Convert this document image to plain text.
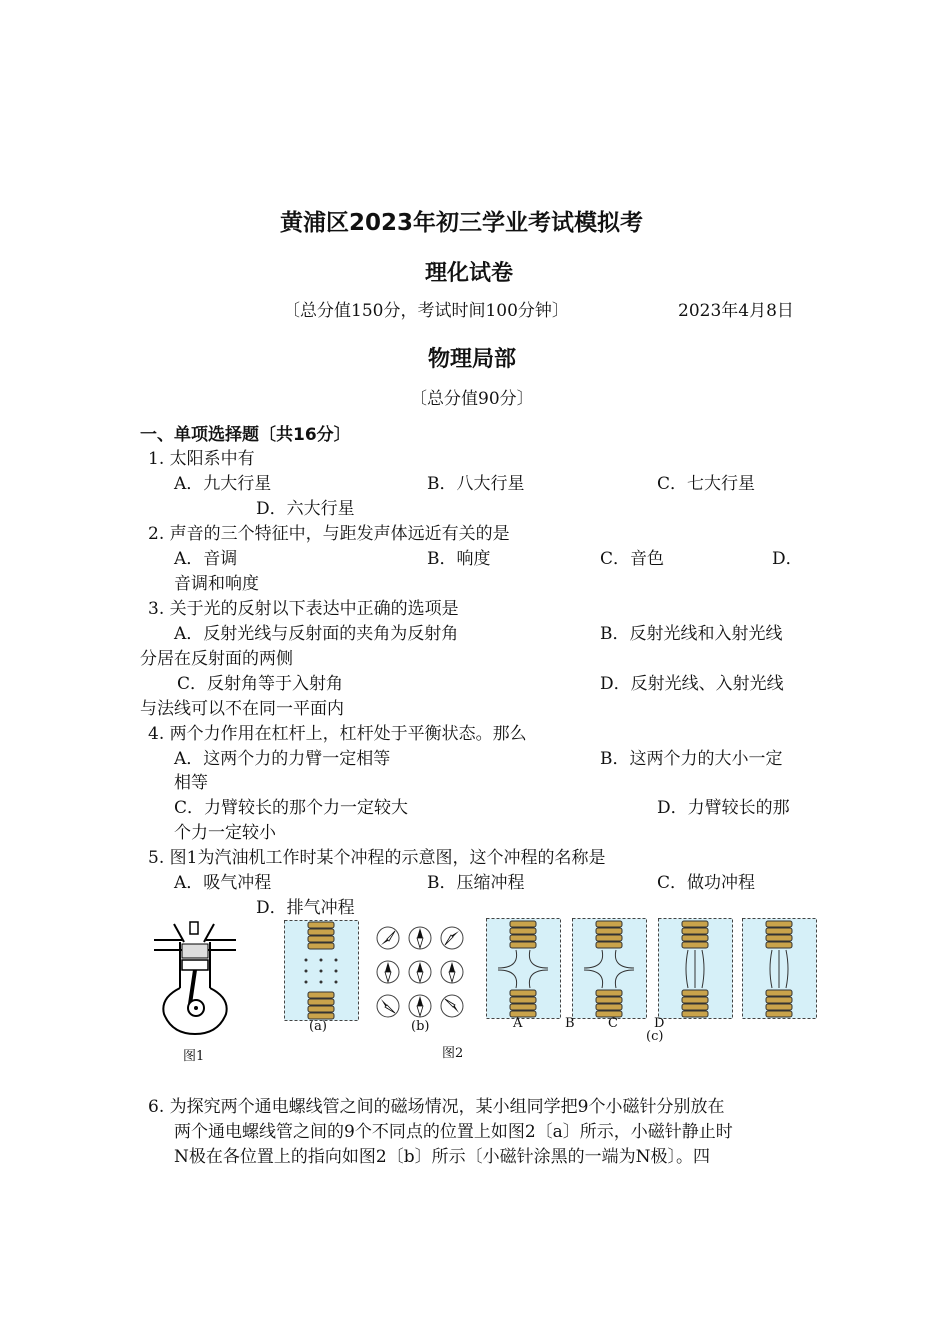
黄浦区2023年初三学业考试模拟考
理化试卷
〔总分值150分，考试时间100分钟〕	2023年4月8日
物理局部
〔总分值90分〕
一、单项选择题〔共16分〕
1. 太阳系中有
A．九大行星	B．八大行星	C．七大行星
D．六大行星
2. 声音的三个特征中，与距发声体远近有关的是
A．音调	B．响度	C．音色	D．
音调和响度
3. 关于光的反射以下表达中正确的选项是
A．反射光线与反射面的夹角为反射角	B．反射光线和入射光线
分居在反射面的两侧
C．反射角等于入射角	D．反射光线、入射光线
与法线可以不在同一平面内
4. 两个力作用在杠杆上，杠杆处于平衡状态。那么
A．这两个力的力臂一定相等	B．这两个力的大小一定
相等
C．力臂较长的那个力一定较大	D．力臂较长的那
个力一定较小
5. 图1为汽油机工作时某个冲程的示意图，这个冲程的名称是
A．吸气冲程	B．压缩冲程	C．做功冲程
D．排气冲程
图1
(a)	(b)	A	B	C	D
(c)
图2
6. 为探究两个通电螺线管之间的磁场情况，某小组同学把9个小磁针分别放在
两个通电螺线管之间的9个不同点的位置上如图2〔a〕所示，小磁针静止时
N极在各位置上的指向如图2〔b〕所示〔小磁针涂黑的一端为N极〕。四
